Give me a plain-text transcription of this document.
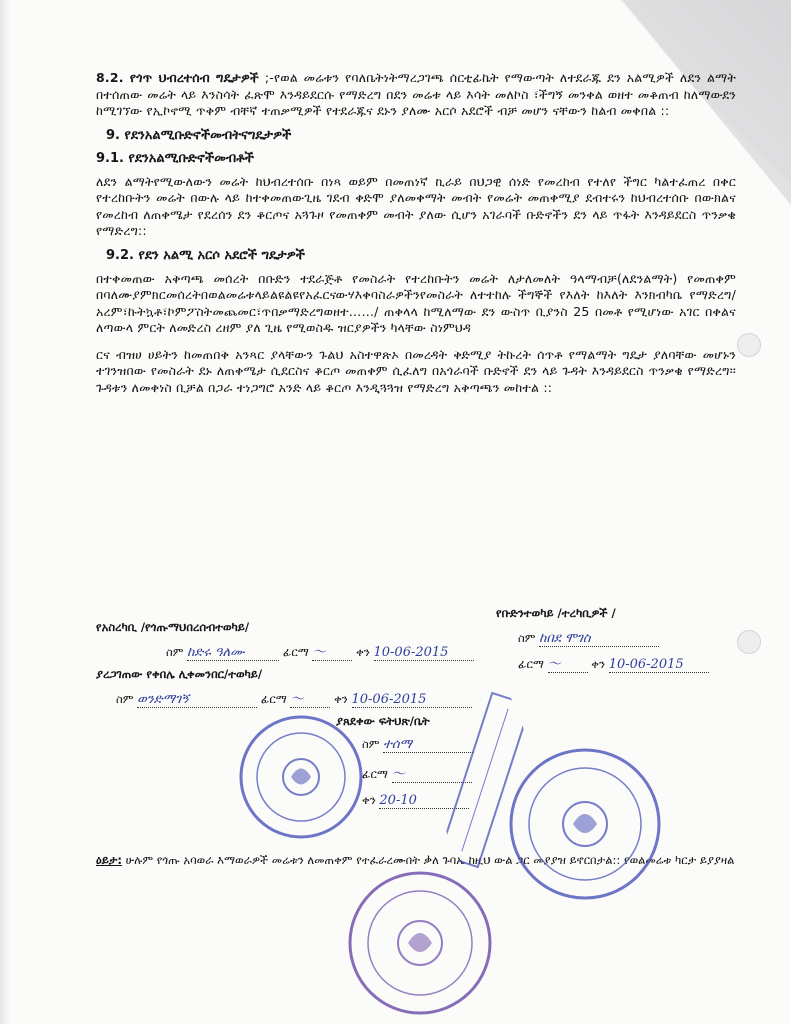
8.2. የጎጥ ህብረተሰብ ግዴታዎች ;-የወል መሬቱን የባለቤትነትማረጋገጫ ሰርቲፊኬት የማውጣት ለተደራጁ ደን አልሚዎች ለደን ልማት በተሰጠው መሬት ላይ እንስሳት ፈጽሞ እንዳይደርሱ የማድረግ በደን መሬቱ ላይ እሳት መለኮስ ፣ችግኝ መንቀል ወዘተ መቆጠብ ከለማውደን ከሚገኘው የኢኮኖሚ ጥቅም ብቸኛ ተጠቃሚዎች የተደራጁና ደኑን ያለሙ አርሶ አደሮች ብቻ መሆን ናቸውን ከልብ መቀበል ::

9. የደንአልሚቡድኖችመብትናግዴታዎች
9.1. የደንአልሚቡድኖችመብቶች

ለደን ልማትየሚውለውን መሬት ከህብረተሰቡ በነጻ ወይም በመጠነኛ ኪራይ በህጋዊ ሰነድ የመረከብ የተለየ ችግር ካልተፈጠረ በቀር የተረከቡትን መሬት በውሉ ላይ ከተቀመጠውጊዜ ገደብ ቀድሞ ያለመቀማት መብት የመሬት መጠቀሚያ ደብተሩን ከህብረተሰቡ በውክልና የመረከብ ለጠቀሜታ የደረሰን ደን ቆርጦና አጓጉዞ የመጠቀም መብት ያለው ሲሆን አገራባች ቡድኖችን ደን ላይ ጥፋት እንዳይደርስ ጥንቃቄ የማድረግ::

9.2. የደን አልሚ አርሶ አደሮች ግዴታዎች

በተቀመጠው አቅጣጫ መሰረት በቡድን ተደራጅቶ የመስራት የተረከቡትን መሬት ለታለመለት ዓላማብቻ(ለደንልማት) የመጠቀም በባለሙያምክርመሰረትበወልመሬቱላይልዩልዩየአፈርናውሃእቀባስራዎችንየመስራት ለተተከሉ ችግኞች የእለት ከእለት እንክብካቤ የማድረግ/አረም፣ኩትኳቶ፣ኮምፖስትመጨመር፣ጥበቃማድረግወዘተ……/ ጠቀላላ ከሚለማው ደን ውስጥ ቢያንስ 25 በመቶ የሚሆነው አገር በቀልና ለጣውላ ምርት ለመድረስ ረዘም ያለ ጊዜ የሚወስዱ ዝርያዎችን ካላቸው ስነምህዳ

ርና ብዝሀ ሀይትን ከመጠበቅ አንጻር ያላቸውን ጉልህ አስተዋጽኦ በመረዳት ቅድሚያ ትኩረት ሰጥቶ የማልማት ግዴታ ያለባቸው መሆኑን ተገንዝበው የመስራት ደኑ ለጠቀሜታ ሲደርስና ቆርጦ መጠቀም ሲፈለግ በአጎራባች ቡድኖች ደን ላይ ጉዳት እንዳይደርስ ጥንቃቄ የማድረግ፡፡ ጉዳቱን ለመቀነስ ቢቻል በጋራ ተነጋግሮ አንድ ላይ ቆርጦ እንዲጓጓዝ የማድረግ አቅጣጫን መከተል ::

የአስረካቢ /የጎጡማህበረሰብተወካይ/
ስም ከድሩ ዓለሙ	ፊርማ 〜	ቀን 10-06-2015
ያረጋገጠው የቀበሌ ሊቀመንበር/ተወካይ/
ስም ወንድማገኝ	ፊርማ 〜	ቀን 10-06-2015
የቡድንተወካይ /ተረካቢዎች /
ስም ከበደ ሞገስ
ፊርማ 〜	ቀን 10-06-2015
ያጸደቀው ፍትህጽ/ቤት
ስም ተሰማ
ፊርማ 〜
ቀን 20-10
ዕይታ: ሁሉም የጎጡ አባወራ እማወራዎች መሬቱን ለመጠቀም የተፈራረሙበት ቃለ ጉባኤ ከዚህ ውል ጋር መያያዝ ይኖርበታል:: የወልመሬቱ ካርታ ይያያዛል
